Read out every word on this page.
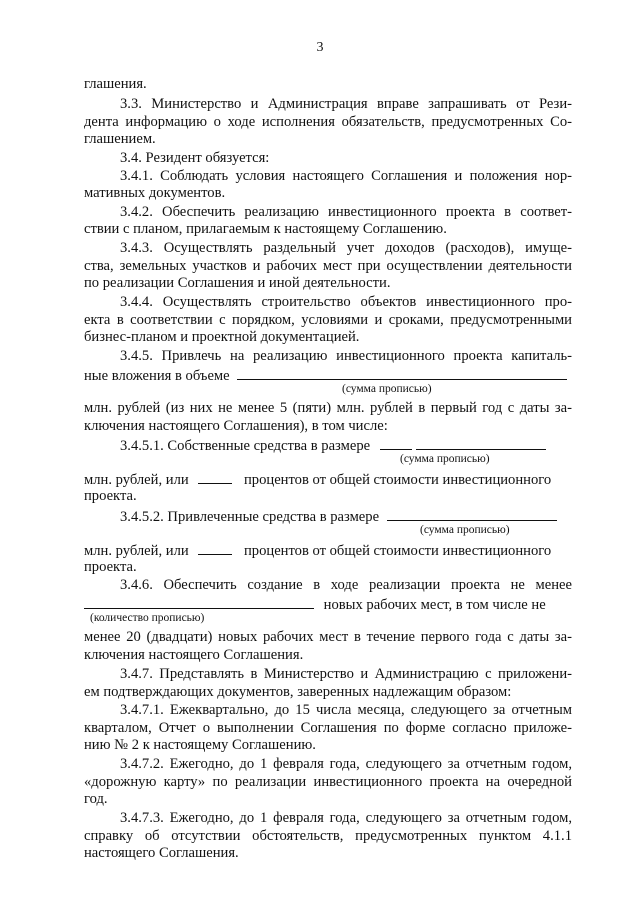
3
глашения.
3.3. Министерство и Администрация вправе запрашивать от Рези-
дента информацию о ходе исполнения обязательств, предусмотренных Со-
глашением.
3.4. Резидент обязуется:
3.4.1. Соблюдать условия настоящего Соглашения и положения нор-
мативных документов.
3.4.2. Обеспечить реализацию инвестиционного проекта в соответ-
ствии с планом, прилагаемым к настоящему Соглашению.
3.4.3. Осуществлять раздельный учет доходов (расходов), имуще-
ства, земельных участков и рабочих мест при осуществлении деятельности
по реализации Соглашения и иной деятельности.
3.4.4. Осуществлять строительство объектов инвестиционного про-
екта в соответствии с порядком, условиями и сроками, предусмотренными
бизнес-планом и проектной документацией.
3.4.5. Привлечь на реализацию инвестиционного проекта капиталь-
ные вложения в объеме
(сумма прописью)
млн. рублей (из них не менее 5 (пяти) млн. рублей в первый год с даты за-
ключения настоящего Соглашения), в том числе:
3.4.5.1. Собственные средства в размере
(сумма прописью)
млн. рублей, или	процентов от общей стоимости инвестиционного
проекта.
3.4.5.2. Привлеченные средства в размере
(сумма прописью)
млн. рублей, или	процентов от общей стоимости инвестиционного
проекта.
3.4.6. Обеспечить создание в ходе реализации проекта не менее
новых рабочих мест, в том числе не
(количество прописью)
менее 20 (двадцати) новых рабочих мест в течение первого года с даты за-
ключения настоящего Соглашения.
3.4.7. Представлять в Министерство и Администрацию с приложени-
ем подтверждающих документов, заверенных надлежащим образом:
3.4.7.1. Ежеквартально, до 15 числа месяца, следующего за отчетным
кварталом, Отчет о выполнении Соглашения по форме согласно приложе-
нию № 2 к настоящему Соглашению.
3.4.7.2. Ежегодно, до 1 февраля года, следующего за отчетным годом,
«дорожную карту» по реализации инвестиционного проекта на очередной
год.
3.4.7.3. Ежегодно, до 1 февраля года, следующего за отчетным годом,
справку об отсутствии обстоятельств, предусмотренных пунктом 4.1.1
настоящего Соглашения.
